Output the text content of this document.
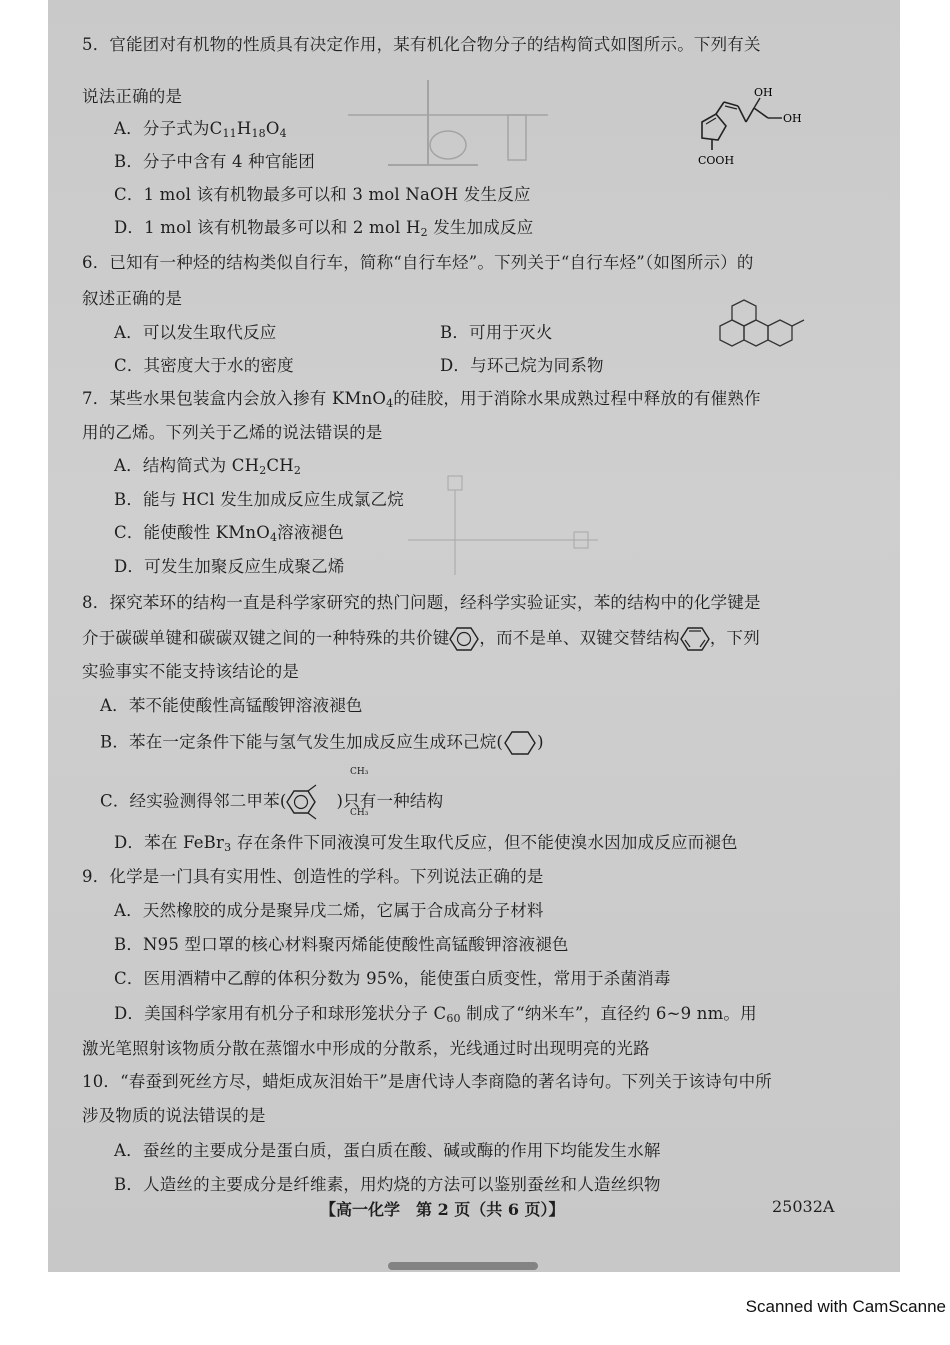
5．官能团对有机物的性质具有决定作用，某有机化合物分子的结构简式如图所示。下列有关
说法正确的是
A．分子式为$C_{11}H_{18}O_4$
B．分子中含有 4 种官能团
C．1 mol 该有机物最多可以和 3 mol NaOH 发生反应
D．1 mol 该有机物最多可以和 2 mol $H_2$ 发生加成反应
OH
OH
COOH
6．已知有一种烃的结构类似自行车，简称“自行车烃”。下列关于“自行车烃”（如图所示）的
叙述正确的是
A．可以发生取代反应	B．可用于灭火
C．其密度大于水的密度	D．与环己烷为同系物
7．某些水果包装盒内会放入掺有 KMnO$_4$的硅胶，用于消除水果成熟过程中释放的有催熟作
用的乙烯。下列关于乙烯的说法错误的是
A．结构简式为 $CH_2CH_2$
B．能与 HCl 发生加成反应生成氯乙烷
C．能使酸性 KMnO$_4$溶液褪色
D．可发生加聚反应生成聚乙烯
8．探究苯环的结构一直是科学家研究的热门问题，经科学实验证实，苯的结构中的化学键是
介于碳碳单键和碳碳双键之间的一种特殊的共价键 ，而不是单、双键交替结构 ，下列
实验事实不能支持该结论的是
A．苯不能使酸性高锰酸钾溶液褪色
B．苯在一定条件下能与氢气发生加成反应生成环己烷( )
C．经实验测得邻二甲苯(	)只有一种结构
CH₃
CH₃
D．苯在 FeBr$_3$ 存在条件下同液溴可发生取代反应，但不能使溴水因加成反应而褪色
9．化学是一门具有实用性、创造性的学科。下列说法正确的是
A．天然橡胶的成分是聚异戊二烯，它属于合成高分子材料
B．N95 型口罩的核心材料聚丙烯能使酸性高锰酸钾溶液褪色
C．医用酒精中乙醇的体积分数为 95%，能使蛋白质变性，常用于杀菌消毒
D．美国科学家用有机分子和球形笼状分子 $C_{60}$ 制成了“纳米车”，直径约 6~9 nm。用
激光笔照射该物质分散在蒸馏水中形成的分散系，光线通过时出现明亮的光路
10．“春蚕到死丝方尽，蜡炬成灰泪始干”是唐代诗人李商隐的著名诗句。下列关于该诗句中所
涉及物质的说法错误的是
A．蚕丝的主要成分是蛋白质，蛋白质在酸、碱或酶的作用下均能发生水解
B．人造丝的主要成分是纤维素，用灼烧的方法可以鉴别蚕丝和人造丝织物
【高一化学　第 2 页（共 6 页）】	25032A
Scanned with CamScanne
